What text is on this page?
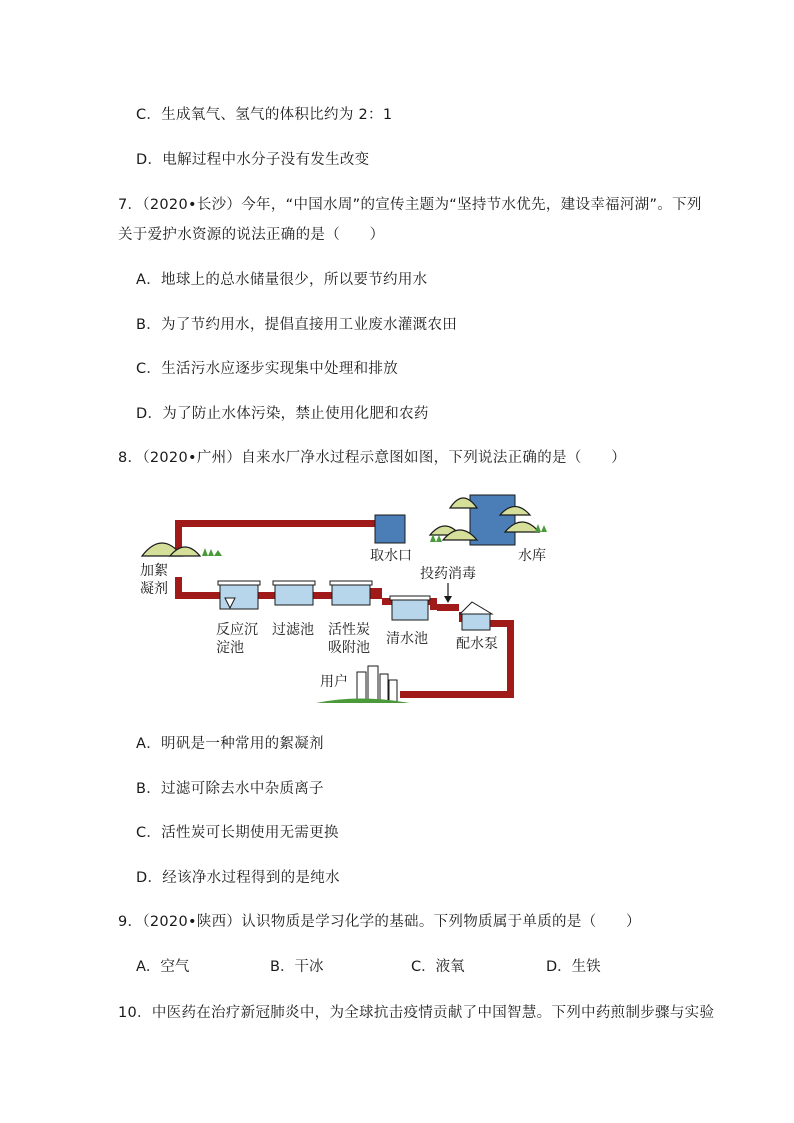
C．生成氧气、氢气的体积比约为 2：1
D．电解过程中水分子没有发生改变
7．（2020•长沙）今年，“中国水周”的宣传主题为“坚持节水优先，建设幸福河湖”。下列
关于爱护水资源的说法正确的是（　　）
A．地球上的总水储量很少，所以要节约用水
B．为了节约用水，提倡直接用工业废水灌溉农田
C．生活污水应逐步实现集中处理和排放
D．为了防止水体污染，禁止使用化肥和农药
8．（2020•广州）自来水厂净水过程示意图如图，下列说法正确的是（　　）
取水口	水库
加絮
凝剂
反应沉
淀池
过滤池 活性炭
吸附池
清水池
投药消毒
配水泵
用户
A．明矾是一种常用的絮凝剂
B．过滤可除去水中杂质离子
C．活性炭可长期使用无需更换
D．经该净水过程得到的是纯水
9．（2020•陕西）认识物质是学习化学的基础。下列物质属于单质的是（　　）
A．空气	B．干冰	C．液氧	D．生铁
10．中医药在治疗新冠肺炎中，为全球抗击疫情贡献了中国智慧。下列中药煎制步骤与实验
